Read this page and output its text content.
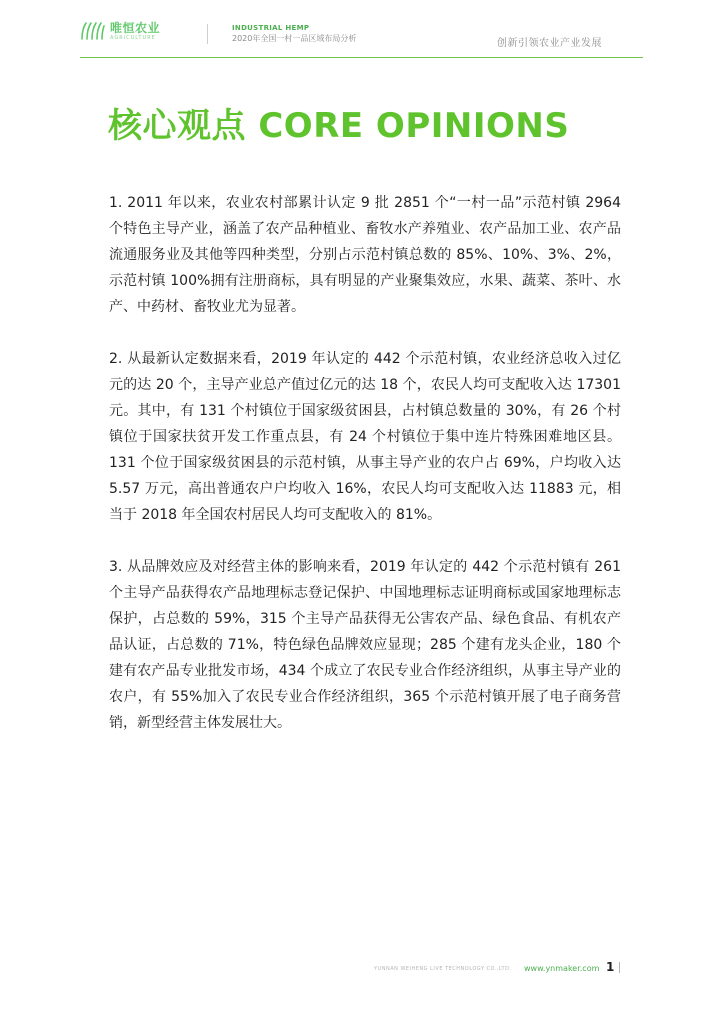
唯恒农业
AGRICULTURE
INDUSTRIAL HEMP
2020年全国一村一品区域布局分析	创新引领农业产业发展
核心观点 CORE OPINIONS

1. 2011 年以来，农业农村部累计认定 9 批 2851 个“一村一品”示范村镇 2964 个特色主导产业，涵盖了农产品种植业、畜牧水产养殖业、农产品加工业、农产品流通服务业及其他等四种类型，分别占示范村镇总数的 85%、10%、3%、2%，示范村镇 100%拥有注册商标，具有明显的产业聚集效应，水果、蔬菜、茶叶、水产、中药材、畜牧业尤为显著。

2. 从最新认定数据来看，2019 年认定的 442 个示范村镇，农业经济总收入过亿元的达 20 个，主导产业总产值过亿元的达 18 个，农民人均可支配收入达 17301 元。其中，有 131 个村镇位于国家级贫困县，占村镇总数量的 30%，有 26 个村镇位于国家扶贫开发工作重点县，有 24 个村镇位于集中连片特殊困难地区县。131 个位于国家级贫困县的示范村镇，从事主导产业的农户占 69%，户均收入达 5.57 万元，高出普通农户户均收入 16%，农民人均可支配收入达 11883 元，相当于 2018 年全国农村居民人均可支配收入的 81%。

3. 从品牌效应及对经营主体的影响来看，2019 年认定的 442 个示范村镇有 261 个主导产品获得农产品地理标志登记保护、中国地理标志证明商标或国家地理标志保护，占总数的 59%，315 个主导产品获得无公害农产品、绿色食品、有机农产品认证，占总数的 71%，特色绿色品牌效应显现；285 个建有龙头企业，180 个建有农产品专业批发市场，434 个成立了农民专业合作经济组织，从事主导产业的农户，有 55%加入了农民专业合作经济组织，365 个示范村镇开展了电子商务营销，新型经营主体发展壮大。

YUNNAN WEIHENG LIVE TECHNOLOGY CO.,LTD. www.ynmaker.com 1
